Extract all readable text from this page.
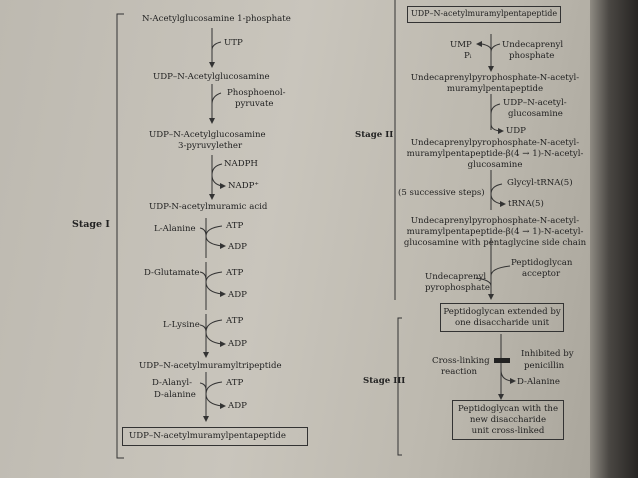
Stage I
N-Acetylglucosamine 1-phosphate
UTP
UDP–N-Acetylglucosamine
Phosphoenol-
pyruvate
UDP–N-Acetylglucosamine
3-pyruvylether
NADPH
NADP⁺
UDP-N-acetylmuramic acid
L-Alanine	ATP
ADP
D-Glutamate	ATP
ADP
L-Lysine	ATP
ADP
UDP–N-acetylmuramyltripeptide
D-Alanyl-
D-alanine
ATP
ADP
UDP–N-acetylmuramylpentapeptide
Stage II
UDP–N-acetylmuramylpentapeptide
UMP
Pᵢ
Undecaprenyl
phosphate
Undecaprenylpyrophosphate-N-acetyl-
muramylpentapeptide
UDP–N-acetyl-
glucosamine
UDP
Undecaprenylpyrophosphate-N-acetyl-
muramylpentapeptide-β(4 → 1)-N-acetyl-
glucosamine
(5 successive steps)
Glycyl-tRNA(5)
tRNA(5)
Undecaprenylpyrophosphate-N-acetyl-
muramylpentapeptide-β(4 → 1)-N-acetyl-
glucosamine with pentaglycine side chain
Peptidoglycan
acceptor
Undecaprenyl
pyrophosphate
Peptidoglycan extended by
one disaccharide unit
Stage III
Cross-linking
reaction
Inhibited by
penicillin
D-Alanine
Peptidoglycan with the
new disaccharide
unit cross-linked
